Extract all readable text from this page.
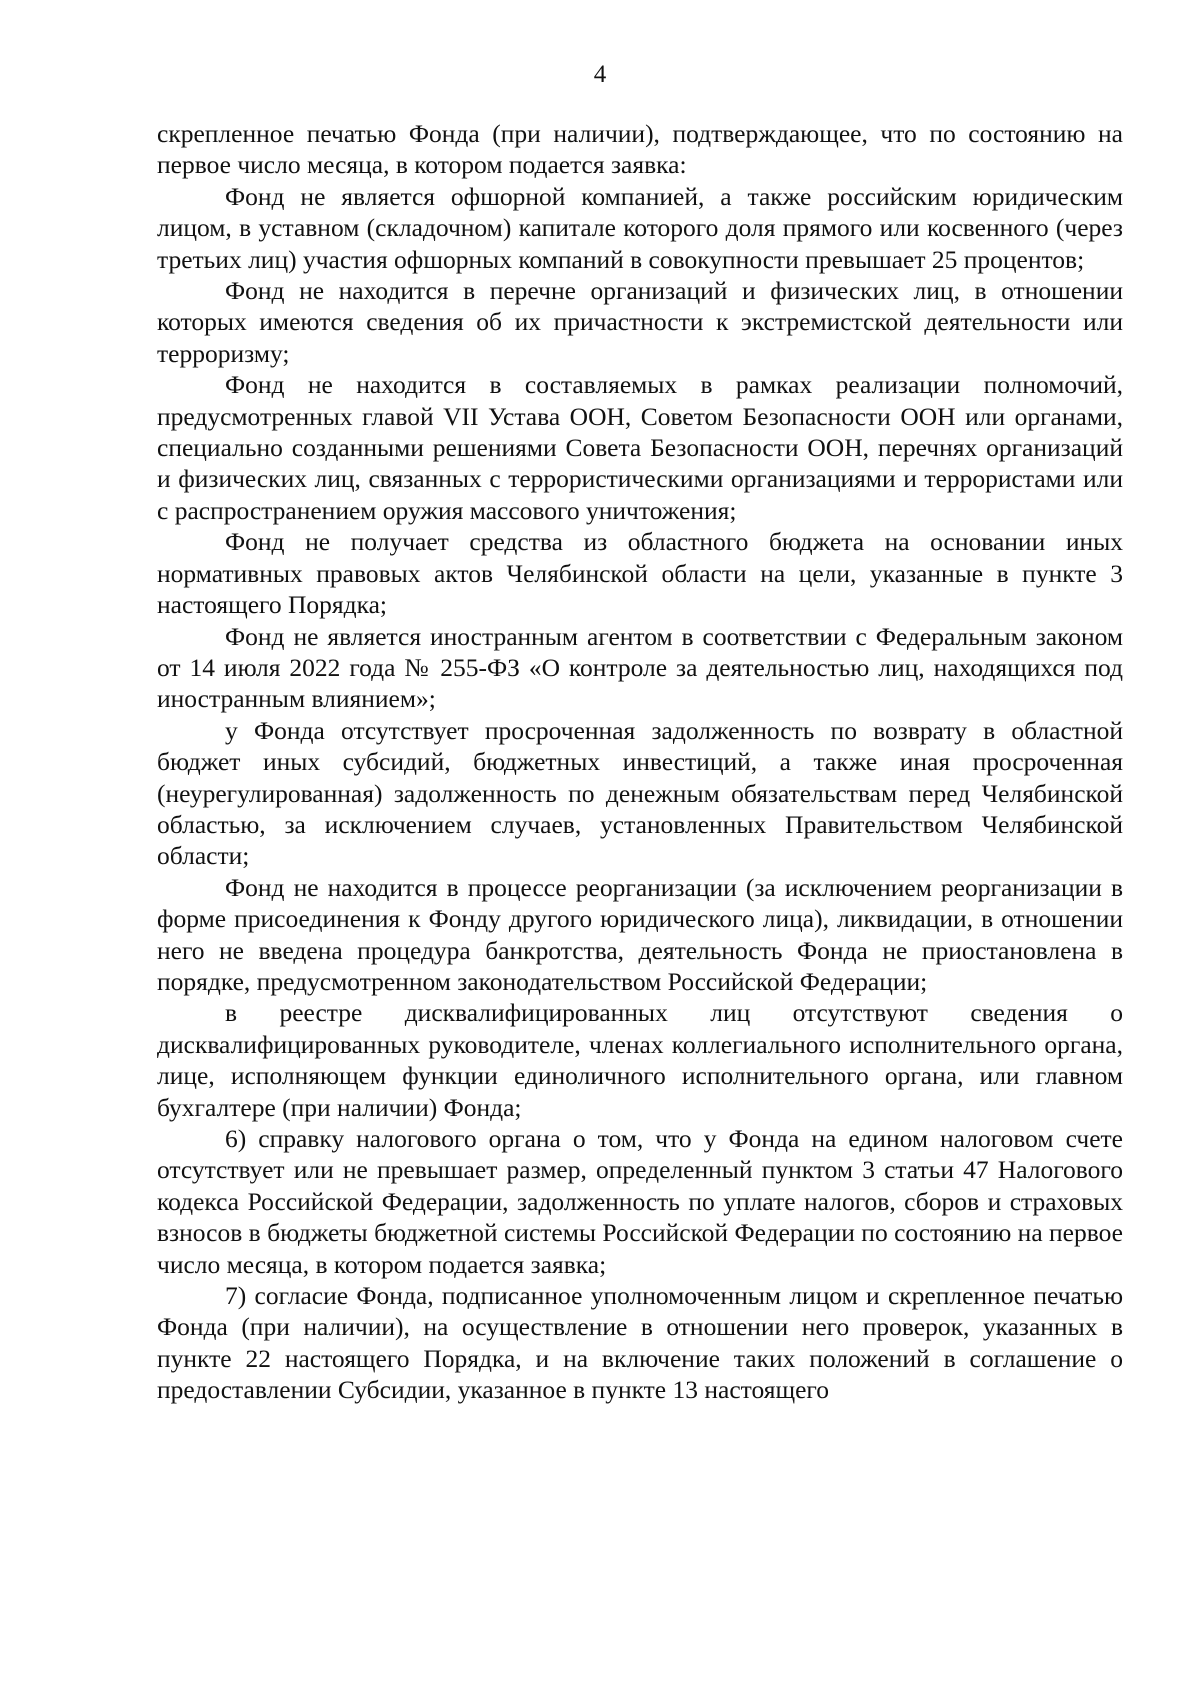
4

скрепленное печатью Фонда (при наличии), подтверждающее, что по состоянию на первое число месяца, в котором подается заявка:

Фонд не является офшорной компанией, а также российским юридическим лицом, в уставном (складочном) капитале которого доля прямого или косвенного (через третьих лиц) участия офшорных компаний в совокупности превышает 25 процентов;

Фонд не находится в перечне организаций и физических лиц, в отношении которых имеются сведения об их причастности к экстремистской деятельности или терроризму;

Фонд не находится в составляемых в рамках реализации полномочий, предусмотренных главой VII Устава ООН, Советом Безопасности ООН или органами, специально созданными решениями Совета Безопасности ООН, перечнях организаций и физических лиц, связанных с террористическими организациями и террористами или с распространением оружия массового уничтожения;

Фонд не получает средства из областного бюджета на основании иных нормативных правовых актов Челябинской области на цели, указанные в пункте 3 настоящего Порядка;

Фонд не является иностранным агентом в соответствии с Федеральным законом от 14 июля 2022 года № 255-ФЗ «О контроле за деятельностью лиц, находящихся под иностранным влиянием»;

у Фонда отсутствует просроченная задолженность по возврату в областной бюджет иных субсидий, бюджетных инвестиций, а также иная просроченная (неурегулированная) задолженность по денежным обязательствам перед Челябинской областью, за исключением случаев, установленных Правительством Челябинской области;

Фонд не находится в процессе реорганизации (за исключением реорганизации в форме присоединения к Фонду другого юридического лица), ликвидации, в отношении него не введена процедура банкротства, деятельность Фонда не приостановлена в порядке, предусмотренном законодательством Российской Федерации;

в реестре дисквалифицированных лиц отсутствуют сведения о дисквалифицированных руководителе, членах коллегиального исполнительного органа, лице, исполняющем функции единоличного исполнительного органа, или главном бухгалтере (при наличии) Фонда;

6) справку налогового органа о том, что у Фонда на едином налоговом счете отсутствует или не превышает размер, определенный пунктом 3 статьи 47 Налогового кодекса Российской Федерации, задолженность по уплате налогов, сборов и страховых взносов в бюджеты бюджетной системы Российской Федерации по состоянию на первое число месяца, в котором подается заявка;

7) согласие Фонда, подписанное уполномоченным лицом и скрепленное печатью Фонда (при наличии), на осуществление в отношении него проверок, указанных в пункте 22 настоящего Порядка, и на включение таких положений в соглашение о предоставлении Субсидии, указанное в пункте 13 настоящего
